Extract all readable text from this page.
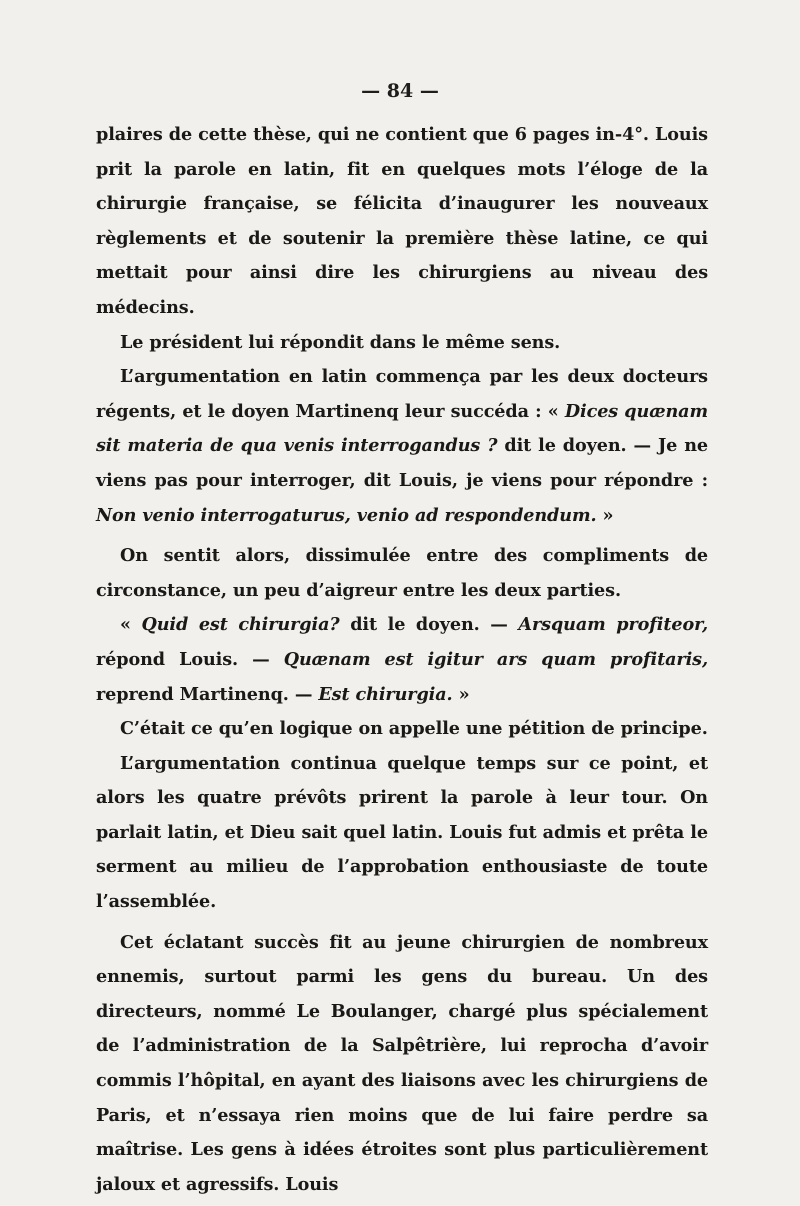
— 84 —

plaires de cette thèse, qui ne contient que 6 pages in-4°. Louis prit la parole en latin, fit en quelques mots l’éloge de la chirurgie française, se félicita d’inaugurer les nouveaux règlements et de soutenir la première thèse latine, ce qui mettait pour ainsi dire les chirurgiens au niveau des médecins.

Le président lui répondit dans le même sens.

L’argumentation en latin commença par les deux docteurs régents, et le doyen Martinenq leur succéda : « Dices quænam sit materia de qua venis interrogandus ? dit le doyen. — Je ne viens pas pour interroger, dit Louis, je viens pour répondre : Non venio interrogaturus, venio ad respondendum. »

On sentit alors, dissimulée entre des compliments de circonstance, un peu d’aigreur entre les deux parties.

« Quid est chirurgia? dit le doyen. — Arsquam profiteor, répond Louis. — Quænam est igitur ars quam profitaris, reprend Martinenq. — Est chirurgia. »

C’était ce qu’en logique on appelle une pétition de principe.

L’argumentation continua quelque temps sur ce point, et alors les quatre prévôts prirent la parole à leur tour. On parlait latin, et Dieu sait quel latin. Louis fut admis et prêta le serment au milieu de l’approbation enthousiaste de toute l’assemblée.

Cet éclatant succès fit au jeune chirurgien de nombreux ennemis, surtout parmi les gens du bureau. Un des directeurs, nommé Le Boulanger, chargé plus spécialement de l’administration de la Salpêtrière, lui reprocha d’avoir commis l’hôpital, en ayant des liaisons avec les chirurgiens de Paris, et n’essaya rien moins que de lui faire perdre sa maîtrise. Les gens à idées étroites sont plus particulièrement jaloux et agressifs. Louis
